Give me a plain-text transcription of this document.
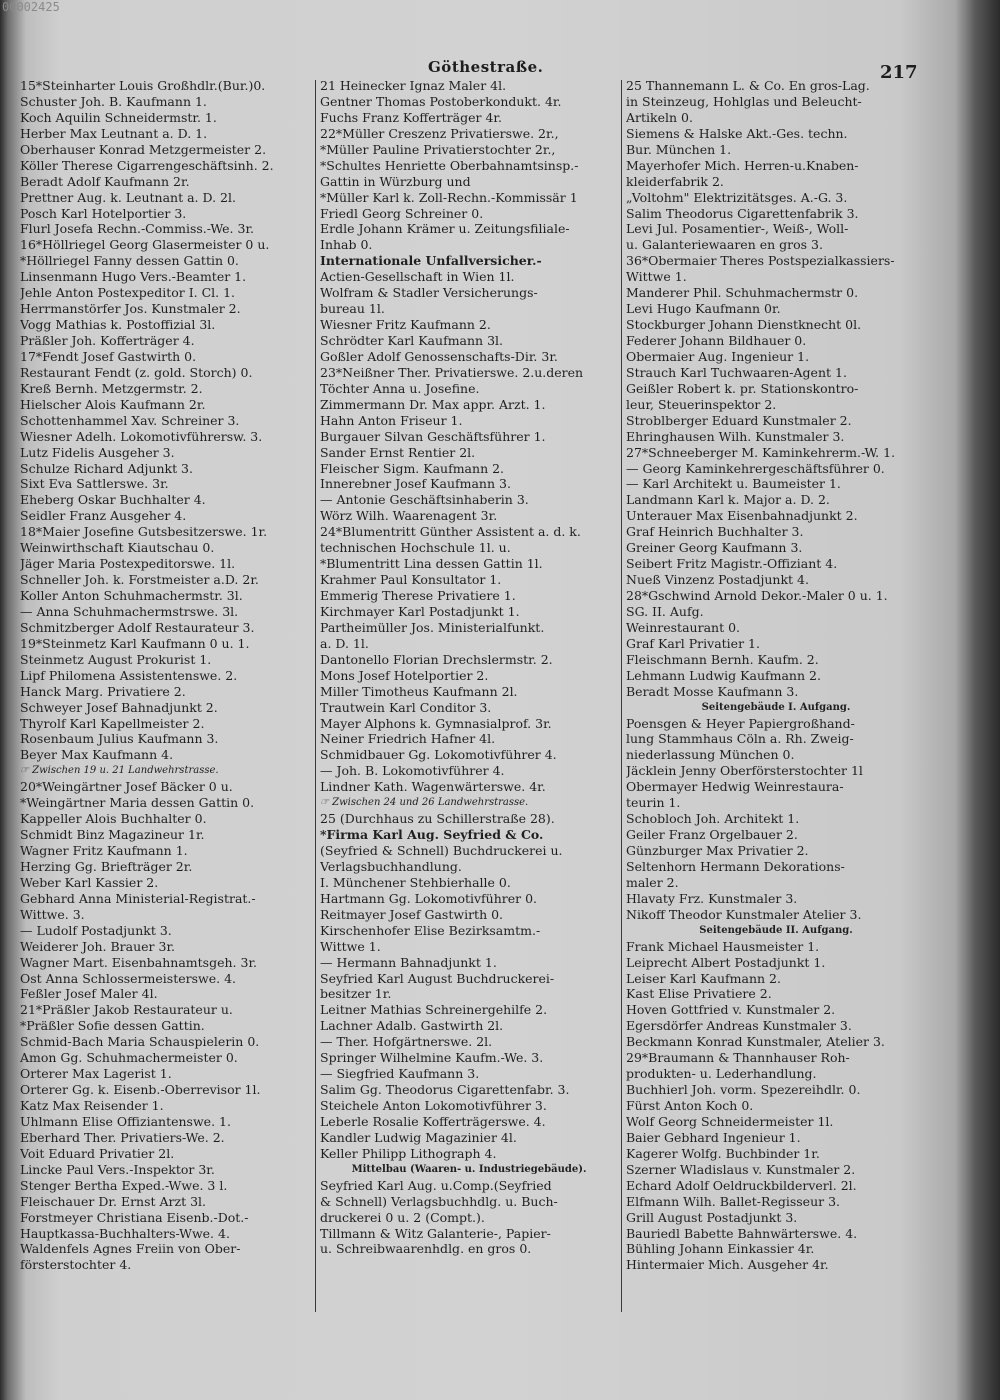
00002425
Göthestraße.	217
15*Steinharter Louis Großhdlr.(Bur.)0.
Schuster Joh. B. Kaufmann 1.
Koch Aquilin Schneidermstr. 1.
Herber Max Leutnant a. D. 1.
Oberhauser Konrad Metzgermeister 2.
Köller Therese Cigarrengeschäftsinh. 2.
Beradt Adolf Kaufmann 2r.
Prettner Aug. k. Leutnant a. D. 2l.
Posch Karl Hotelportier 3.
Flurl Josefa Rechn.-Commiss.-We. 3r.
16*Höllriegel Georg Glasermeister 0 u.
*Höllriegel Fanny dessen Gattin 0.
Linsenmann Hugo Vers.-Beamter 1.
Jehle Anton Postexpeditor I. Cl. 1.
Herrmanstörfer Jos. Kunstmaler 2.
Vogg Mathias k. Postoffizial 3l.
Präßler Joh. Kofferträger 4.
17*Fendt Josef Gastwirth 0.
Restaurant Fendt (z. gold. Storch) 0.
Kreß Bernh. Metzgermstr. 2.
Hielscher Alois Kaufmann 2r.
Schottenhammel Xav. Schreiner 3.
Wiesner Adelh. Lokomotivführersw. 3.
Lutz Fidelis Ausgeher 3.
Schulze Richard Adjunkt 3.
Sixt Eva Sattlerswe. 3r.
Eheberg Oskar Buchhalter 4.
Seidler Franz Ausgeher 4.
18*Maier Josefine Gutsbesitzerswe. 1r.
Weinwirthschaft Kiautschau 0.
Jäger Maria Postexpeditorswe. 1l.
Schneller Joh. k. Forstmeister a.D. 2r.
Koller Anton Schuhmachermstr. 3l.
— Anna Schuhmachermstrswe. 3l.
Schmitzberger Adolf Restaurateur 3.
19*Steinmetz Karl Kaufmann 0 u. 1.
Steinmetz August Prokurist 1.
Lipf Philomena Assistentenswe. 2.
Hanck Marg. Privatiere 2.
Schweyer Josef Bahnadjunkt 2.
Thyrolf Karl Kapellmeister 2.
Rosenbaum Julius Kaufmann 3.
Beyer Max Kaufmann 4.
☞ Zwischen 19 u. 21 Landwehrstrasse.
20*Weingärtner Josef Bäcker 0 u.
*Weingärtner Maria dessen Gattin 0.
Kappeller Alois Buchhalter 0.
Schmidt Binz Magazineur 1r.
Wagner Fritz Kaufmann 1.
Herzing Gg. Briefträger 2r.
Weber Karl Kassier 2.
Gebhard Anna Ministerial-Registrat.-
Wittwe. 3.
— Ludolf Postadjunkt 3.
Weiderer Joh. Brauer 3r.
Wagner Mart. Eisenbahnamtsgeh. 3r.
Ost Anna Schlossermeisterswe. 4.
Feßler Josef Maler 4l.
21*Präßler Jakob Restaurateur u.
*Präßler Sofie dessen Gattin.
Schmid-Bach Maria Schauspielerin 0.
Amon Gg. Schuhmachermeister 0.
Orterer Max Lagerist 1.
Orterer Gg. k. Eisenb.-Oberrevisor 1l.
Katz Max Reisender 1.
Uhlmann Elise Offiziantenswe. 1.
Eberhard Ther. Privatiers-We. 2.
Voit Eduard Privatier 2l.
Lincke Paul Vers.-Inspektor 3r.
Stenger Bertha Exped.-Wwe. 3 l.
Fleischauer Dr. Ernst Arzt 3l.
Forstmeyer Christiana Eisenb.-Dot.-
Hauptkassa-Buchhalters-Wwe. 4.
Waldenfels Agnes Freiin von Ober-
försterstochter 4.
21 Heinecker Ignaz Maler 4l.
Gentner Thomas Postoberkondukt. 4r.
Fuchs Franz Kofferträger 4r.
22*Müller Creszenz Privatierswe. 2r.,
*Müller Pauline Privatierstochter 2r.,
*Schultes Henriette Oberbahnamtsinsp.-
Gattin in Würzburg und
*Müller Karl k. Zoll-Rechn.-Kommissär 1
Friedl Georg Schreiner 0.
Erdle Johann Krämer u. Zeitungsfiliale-
Inhab 0.
Internationale Unfallversicher.-
Actien-Gesellschaft in Wien 1l.
Wolfram & Stadler Versicherungs-
bureau 1l.
Wiesner Fritz Kaufmann 2.
Schrödter Karl Kaufmann 3l.
Goßler Adolf Genossenschafts-Dir. 3r.
23*Neißner Ther. Privatierswe. 2.u.deren
Töchter Anna u. Josefine.
Zimmermann Dr. Max appr. Arzt. 1.
Hahn Anton Friseur 1.
Burgauer Silvan Geschäftsführer 1.
Sander Ernst Rentier 2l.
Fleischer Sigm. Kaufmann 2.
Innerebner Josef Kaufmann 3.
— Antonie Geschäftsinhaberin 3.
Wörz Wilh. Waarenagent 3r.
24*Blumentritt Günther Assistent a. d. k.
technischen Hochschule 1l. u.
*Blumentritt Lina dessen Gattin 1l.
Krahmer Paul Konsultator 1.
Emmerig Therese Privatiere 1.
Kirchmayer Karl Postadjunkt 1.
Partheimüller Jos. Ministerialfunkt.
a. D. 1l.
Dantonello Florian Drechslermstr. 2.
Mons Josef Hotelportier 2.
Miller Timotheus Kaufmann 2l.
Trautwein Karl Conditor 3.
Mayer Alphons k. Gymnasialprof. 3r.
Neiner Friedrich Hafner 4l.
Schmidbauer Gg. Lokomotivführer 4.
— Joh. B. Lokomotivführer 4.
Lindner Kath. Wagenwärterswe. 4r.
☞ Zwischen 24 und 26 Landwehrstrasse.
25 (Durchhaus zu Schillerstraße 28).
*Firma Karl Aug. Seyfried & Co.
(Seyfried & Schnell) Buchdruckerei u.
Verlagsbuchhandlung.
I. Münchener Stehbierhalle 0.
Hartmann Gg. Lokomotivführer 0.
Reitmayer Josef Gastwirth 0.
Kirschenhofer Elise Bezirksamtm.-
Wittwe 1.
— Hermann Bahnadjunkt 1.
Seyfried Karl August Buchdruckerei-
besitzer 1r.
Leitner Mathias Schreinergehilfe 2.
Lachner Adalb. Gastwirth 2l.
— Ther. Hofgärtnerswe. 2l.
Springer Wilhelmine Kaufm.-We. 3.
— Siegfried Kaufmann 3.
Salim Gg. Theodorus Cigarettenfabr. 3.
Steichele Anton Lokomotivführer 3.
Leberle Rosalie Kofferträgerswe. 4.
Kandler Ludwig Magazinier 4l.
Keller Philipp Lithograph 4.
Mittelbau (Waaren- u. Industriegebäude).
Seyfried Karl Aug. u.Comp.(Seyfried
& Schnell) Verlagsbuchhdlg. u. Buch-
druckerei 0 u. 2 (Compt.).
Tillmann & Witz Galanterie-, Papier-
u. Schreibwaarenhdlg. en gros 0.
25 Thannemann L. & Co. En gros-Lag.
in Steinzeug, Hohlglas und Beleucht-
Artikeln 0.
Siemens & Halske Akt.-Ges. techn.
Bur. München 1.
Mayerhofer Mich. Herren-u.Knaben-
kleiderfabrik 2.
„Voltohm" Elektrizitätsges. A.-G. 3.
Salim Theodorus Cigarettenfabrik 3.
Levi Jul. Posamentier-, Weiß-, Woll-
u. Galanteriewaaren en gros 3.
36*Obermaier Theres Postspezialkassiers-
Wittwe 1.
Manderer Phil. Schuhmachermstr 0.
Levi Hugo Kaufmann 0r.
Stockburger Johann Dienstknecht 0l.
Federer Johann Bildhauer 0.
Obermaier Aug. Ingenieur 1.
Strauch Karl Tuchwaaren-Agent 1.
Geißler Robert k. pr. Stationskontro-
leur, Steuerinspektor 2.
Stroblberger Eduard Kunstmaler 2.
Ehringhausen Wilh. Kunstmaler 3.
27*Schneeberger M. Kaminkehrerm.-W. 1.
— Georg Kaminkehrergeschäftsführer 0.
— Karl Architekt u. Baumeister 1.
Landmann Karl k. Major a. D. 2.
Unterauer Max Eisenbahnadjunkt 2.
Graf Heinrich Buchhalter 3.
Greiner Georg Kaufmann 3.
Seibert Fritz Magistr.-Offiziant 4.
Nueß Vinzenz Postadjunkt 4.
28*Gschwind Arnold Dekor.-Maler 0 u. 1.
SG. II. Aufg.
Weinrestaurant 0.
Graf Karl Privatier 1.
Fleischmann Bernh. Kaufm. 2.
Lehmann Ludwig Kaufmann 2.
Beradt Mosse Kaufmann 3.
Seitengebäude I. Aufgang.
Poensgen & Heyer Papiergroßhand-
lung Stammhaus Cöln a. Rh. Zweig-
niederlassung München 0.
Jäcklein Jenny Oberförsterstochter 1l
Obermayer Hedwig Weinrestaura-
teurin 1.
Schobloch Joh. Architekt 1.
Geiler Franz Orgelbauer 2.
Günzburger Max Privatier 2.
Seltenhorn Hermann Dekorations-
maler 2.
Hlavaty Frz. Kunstmaler 3.
Nikoff Theodor Kunstmaler Atelier 3.
Seitengebäude II. Aufgang.
Frank Michael Hausmeister 1.
Leiprecht Albert Postadjunkt 1.
Leiser Karl Kaufmann 2.
Kast Elise Privatiere 2.
Hoven Gottfried v. Kunstmaler 2.
Egersdörfer Andreas Kunstmaler 3.
Beckmann Konrad Kunstmaler, Atelier 3.
29*Braumann & Thannhauser Roh-
produkten- u. Lederhandlung.
Buchhierl Joh. vorm. Spezereihdlr. 0.
Fürst Anton Koch 0.
Wolf Georg Schneidermeister 1l.
Baier Gebhard Ingenieur 1.
Kagerer Wolfg. Buchbinder 1r.
Szerner Wladislaus v. Kunstmaler 2.
Echard Adolf Oeldruckbilderverl. 2l.
Elfmann Wilh. Ballet-Regisseur 3.
Grill August Postadjunkt 3.
Bauriedl Babette Bahnwärterswe. 4.
Bühling Johann Einkassier 4r.
Hintermaier Mich. Ausgeher 4r.
